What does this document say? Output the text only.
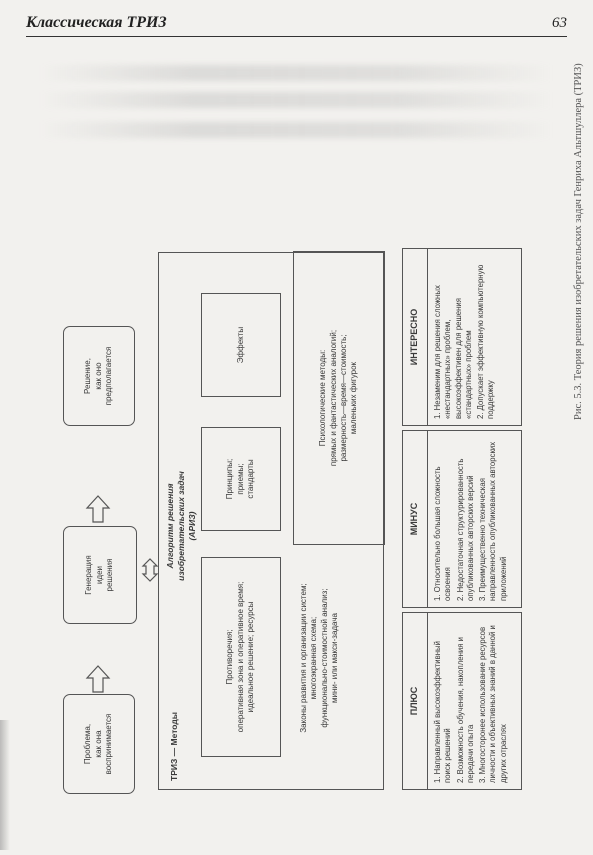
Классическая ТРИЗ	63
Проблема,
как она
воспринимается
Генерация
идеи
решения
Решение,
как оно
предполагается
ТРИЗ — Методы
Алгоритм решения
изобретательских задач
(АРИЗ)
Противоречия;
оперативная зона и оперативное время;
идеальное решение; ресурсы
Принципы;
приемы;
стандарты
Эффекты
Законы развития и организации систем;
многоэкранная схема;
функционально-стоимостной анализ;
мини- или макси-задача
Психологические методы:
прямых и фантастических аналогий;
размерность—время—стоимость;
маленьких фигурок
ПЛЮС	1. Направленный высокоэффективный поиск решений 2. Возможность обучения, накопления и передачи опыта 3. Многосторонее использование ресурсов личности и объективных знаний в данной и других отраслях
МИНУС	1. Относительно большая сложность освоения 2. Недостаточная структурированность опубликованных авторских версий 3. Преимущественно техническая направленность опубликованных авторских приложений
ИНТЕРЕСНО	1. Незаменим для решения сложных «нестандартных» проблем, высокоэффективен для решения «стандартных» проблем 2. Допускает эффективную компьютерную поддержку	Рис. 5.3. Теория решения изобретательских задач Генриха Альтшуллера (ТРИЗ)
